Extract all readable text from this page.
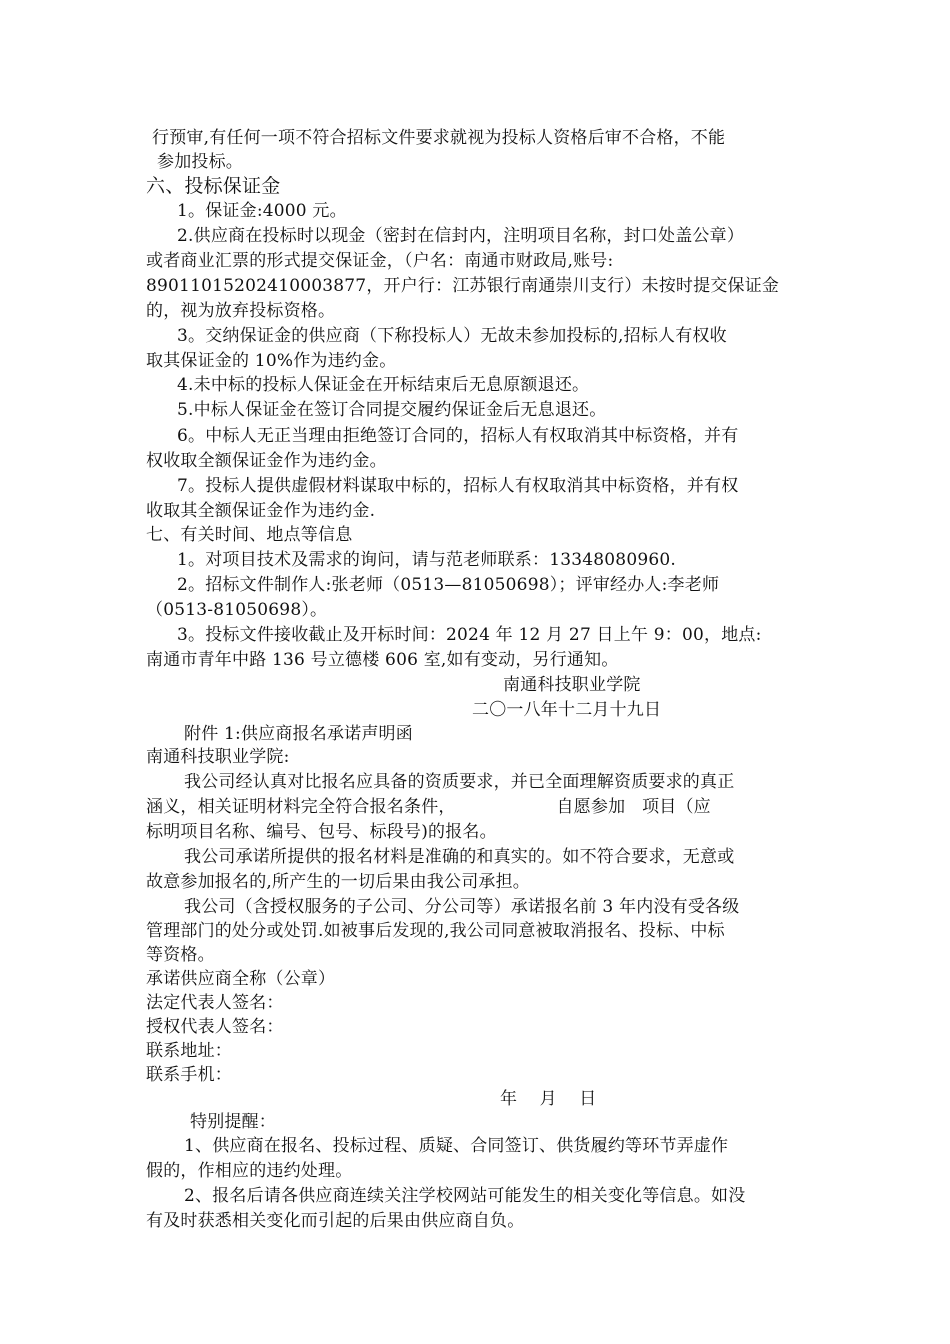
行预审,有任何一项不符合招标文件要求就视为投标人资格后审不合格，不能
参加投标。
六、投标保证金
1。保证金:4000 元。
2.供应商在投标时以现金（密封在信封内，注明项目名称，封口处盖公章）
或者商业汇票的形式提交保证金，（户名：南通市财政局,账号:
89011015202410003877，开户行：江苏银行南通崇川支行）未按时提交保证金
的，视为放弃投标资格。
3。交纳保证金的供应商（下称投标人）无故未参加投标的,招标人有权收
取其保证金的 10%作为违约金。
4.未中标的投标人保证金在开标结束后无息原额退还。
5.中标人保证金在签订合同提交履约保证金后无息退还。
6。中标人无正当理由拒绝签订合同的，招标人有权取消其中标资格，并有
权收取全额保证金作为违约金。
7。投标人提供虚假材料谋取中标的，招标人有权取消其中标资格，并有权
收取其全额保证金作为违约金.
七、有关时间、地点等信息
1。对项目技术及需求的询问，请与范老师联系：13348080960.
2。招标文件制作人:张老师（0513—81050698）；评审经办人:李老师
（0513-81050698）。
3。投标文件接收截止及开标时间：2024 年 12 月 27 日上午 9：00，地点:
南通市青年中路 136 号立德楼 606 室,如有变动，另行通知。
南通科技职业学院
二〇一八年十二月十九日
附件 1:供应商报名承诺声明函
南通科技职业学院:
我公司经认真对比报名应具备的资质要求，并已全面理解资质要求的真正
涵义，相关证明材料完全符合报名条件，                  自愿参加   项目（应
标明项目名称、编号、包号、标段号)的报名。
我公司承诺所提供的报名材料是准确的和真实的。如不符合要求，无意或
故意参加报名的,所产生的一切后果由我公司承担。
我公司（含授权服务的子公司、分公司等）承诺报名前 3 年内没有受各级
管理部门的处分或处罚.如被事后发现的,我公司同意被取消报名、投标、中标
等资格。
承诺供应商全称（公章）
法定代表人签名：
授权代表人签名：
联系地址：
联系手机：
年    月    日
特别提醒：
1、供应商在报名、投标过程、质疑、合同签订、供货履约等环节弄虚作
假的，作相应的违约处理。
2、报名后请各供应商连续关注学校网站可能发生的相关变化等信息。如没
有及时获悉相关变化而引起的后果由供应商自负。
